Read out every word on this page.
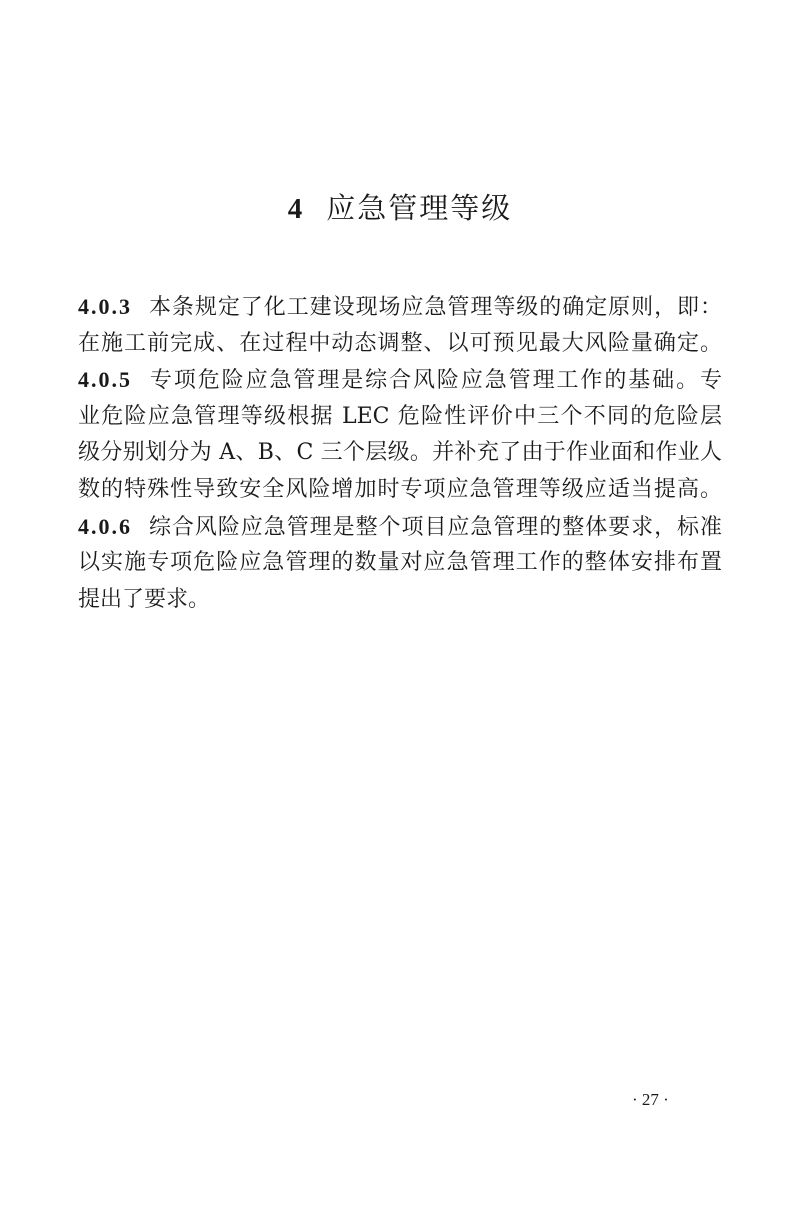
4 应急管理等级
4.0.3 本条规定了化工建设现场应急管理等级的确定原则，即：
在施工前完成、在过程中动态调整、以可预见最大风险量确定。
4.0.5 专项危险应急管理是综合风险应急管理工作的基础。专
业危险应急管理等级根据 LEC 危险性评价中三个不同的危险层
级分别划分为 A、B、C 三个层级。并补充了由于作业面和作业人
数的特殊性导致安全风险增加时专项应急管理等级应适当提高。
4.0.6 综合风险应急管理是整个项目应急管理的整体要求，标准
以实施专项危险应急管理的数量对应急管理工作的整体安排布置
提出了要求。
· 27 ·
